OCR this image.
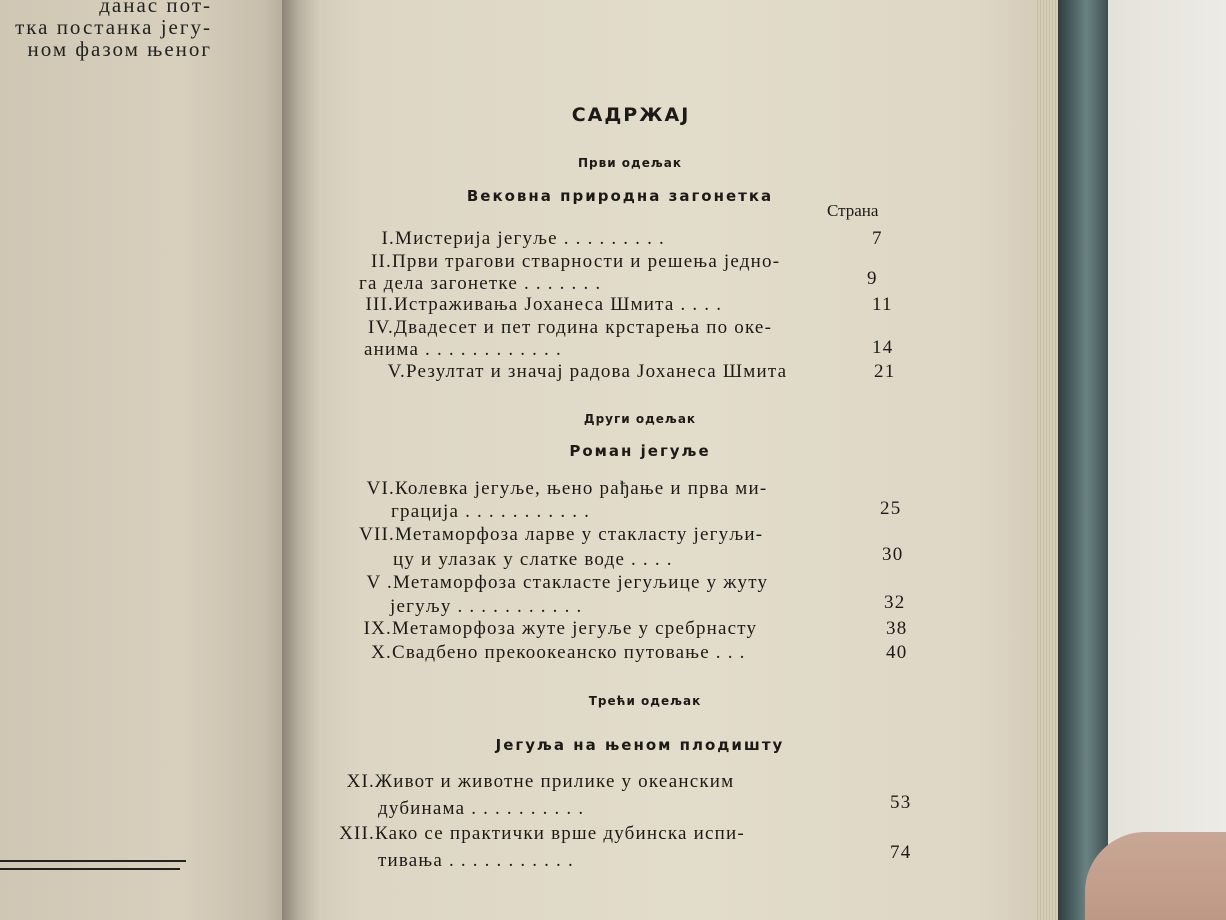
данас пот-
тка постанка јегу-
ном фазом њеног
САДРЖАЈ
Први одељак
Вековна природна загонетка
Страна
I. Мистерија јегуље . . . . . . . . .	7
II. Први трагови стварности и решења једно-
га дела загонетке . . . . . . .	9
III. Истраживања Јоханеса Шмита . . . .	11
IV. Двадесет и пет година крстарења по оке-
анима . . . . . . . . . . . .	14
V. Резултат и значај радова Јоханеса Шмита	21
Други одељак
Роман јегуље
VI. Колевка јегуље, њено рађање и прва ми-
грација . . . . . . . . . . .	25
VII. Метаморфоза ларве у стакласту јегуљи-
цу и улазак у слатке воде . . . .	30
V . Метаморфоза стакласте јегуљице у жуту
јегуљу . . . . . . . . . . .	32
IX. Метаморфоза жуте јегуље у сребрнасту	38
X. Свадбено прекоокеанско путовање . . .	40
Трећи одељак
Јегуља на њеном плодишту
XI. Живот и животне прилике у океанским
дубинама . . . . . . . . . .	53
XII. Како се практички врше дубинска испи-
тивања . . . . . . . . . . .	74
